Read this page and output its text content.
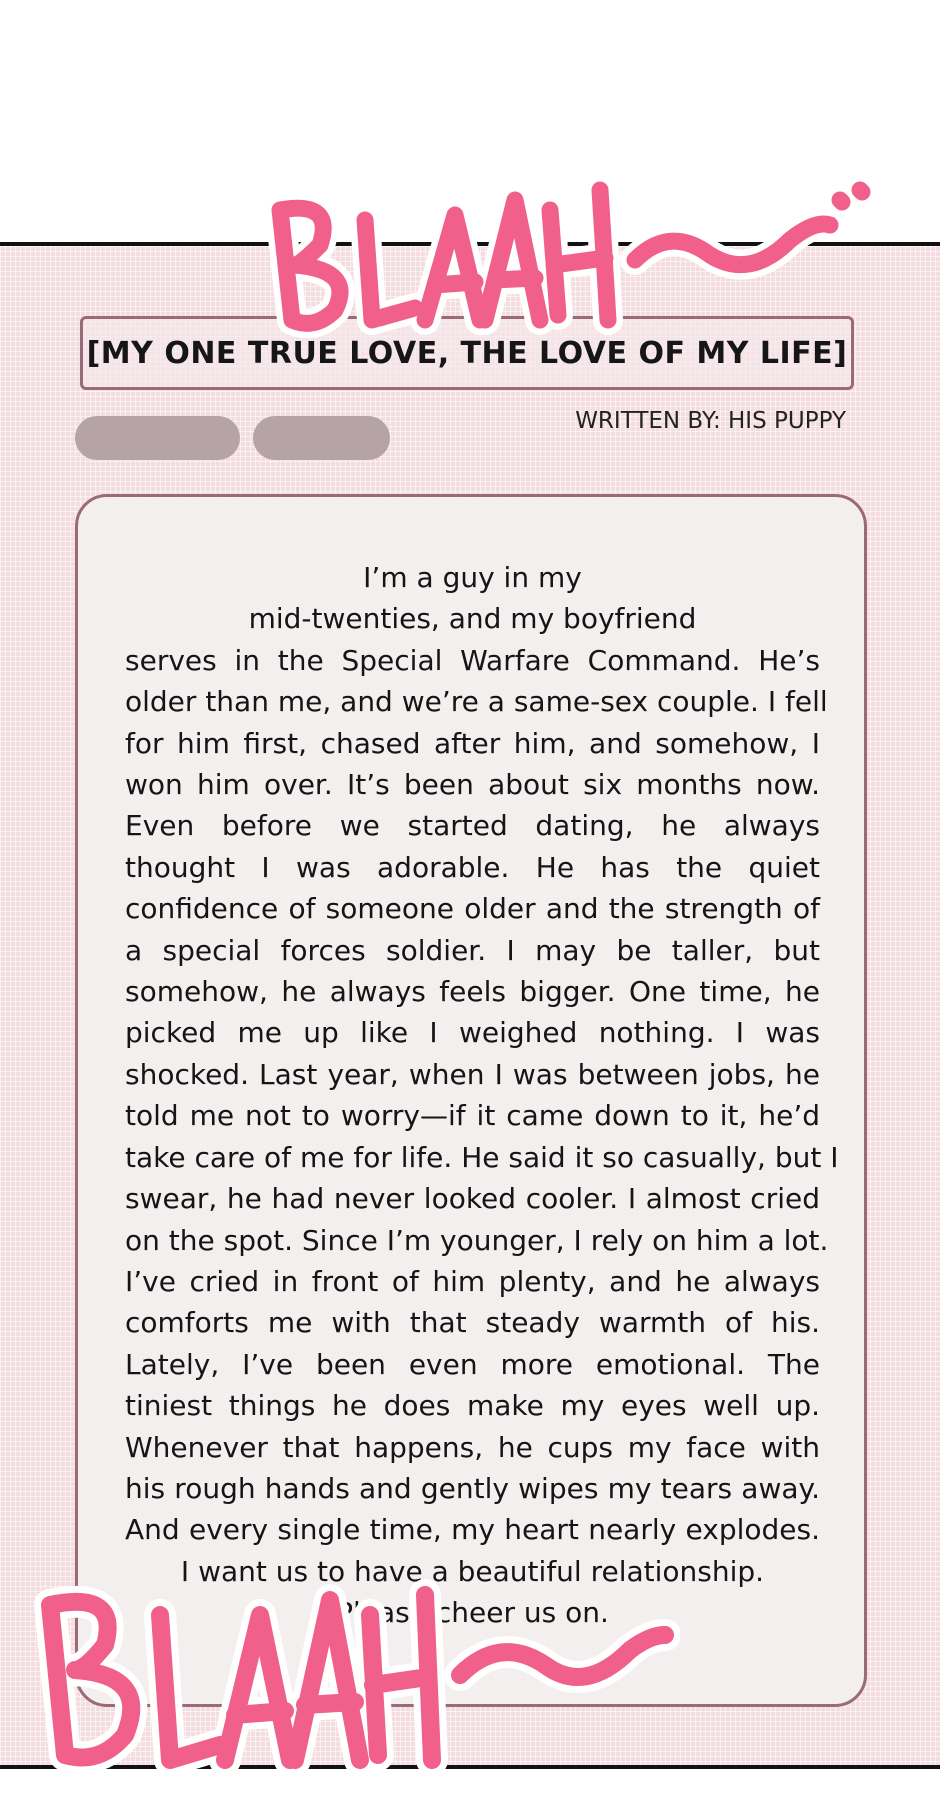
[MY ONE TRUE LOVE, THE LOVE OF MY LIFE]
WRITTEN BY: HIS PUPPY
I’m a guy in my
mid-twenties, and my boyfriend
serves in the Special Warfare Command. He’s
older than me, and we’re a same-sex couple. I fell
for him first, chased after him, and somehow, I
won him over. It’s been about six months now.
Even before we started dating, he always
thought I was adorable. He has the quiet
confidence of someone older and the strength of
a special forces soldier. I may be taller, but
somehow, he always feels bigger. One time, he
picked me up like I weighed nothing. I was
shocked. Last year, when I was between jobs, he
told me not to worry—if it came down to it, he’d
take care of me for life. He said it so casually, but I
swear, he had never looked cooler. I almost cried
on the spot. Since I’m younger, I rely on him a lot.
I’ve cried in front of him plenty, and he always
comforts me with that steady warmth of his.
Lately, I’ve been even more emotional. The
tiniest things he does make my eyes well up.
Whenever that happens, he cups my face with
his rough hands and gently wipes my tears away.
And every single time, my heart nearly explodes.
I want us to have a beautiful relationship.
Please cheer us on.
